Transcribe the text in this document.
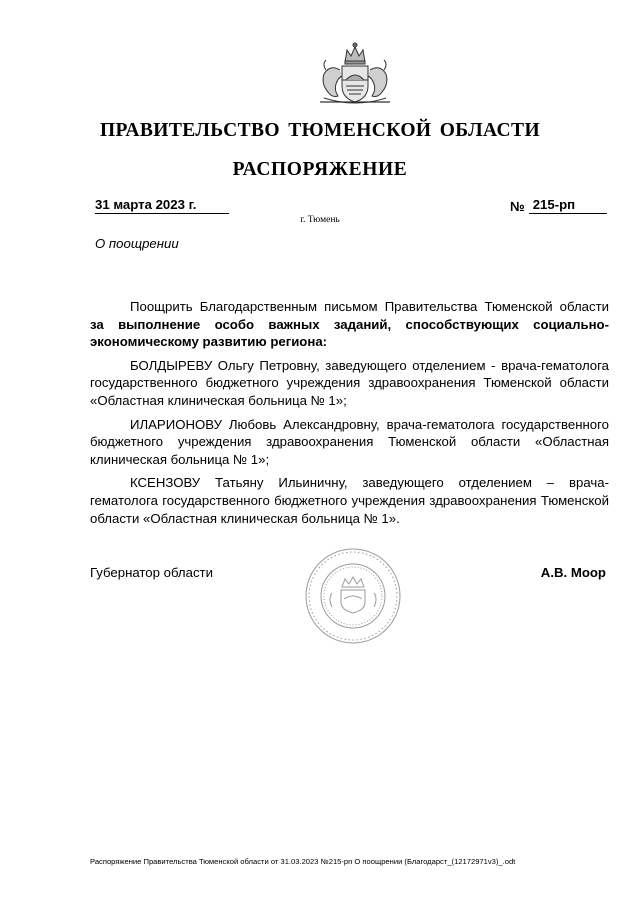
ПРАВИТЕЛЬСТВО ТЮМЕНСКОЙ ОБЛАСТИ
РАСПОРЯЖЕНИЕ
31 марта 2023 г.	№ 215-рп
г. Тюмень
О поощрении

Поощрить Благодарственным письмом Правительства Тюменской области за выполнение особо важных заданий, способствующих социально-экономическому развитию региона:

БОЛДЫРЕВУ Ольгу Петровну, заведующего отделением - врача-гематолога государственного бюджетного учреждения здравоохранения Тюменской области «Областная клиническая больница № 1»;

ИЛАРИОНОВУ Любовь Александровну, врача-гематолога государственного бюджетного учреждения здравоохранения Тюменской области «Областная клиническая больница № 1»;

КСЕНЗОВУ Татьяну Ильиничну, заведующего отделением – врача-гематолога государственного бюджетного учреждения здравоохранения Тюменской области «Областная клиническая больница № 1».

Губернатор области	А.В. Моор
Распоряжение Правительства Тюменской области от 31.03.2023 №215-рп О поощрении (Благодарст_(12172971v3)_.odt
